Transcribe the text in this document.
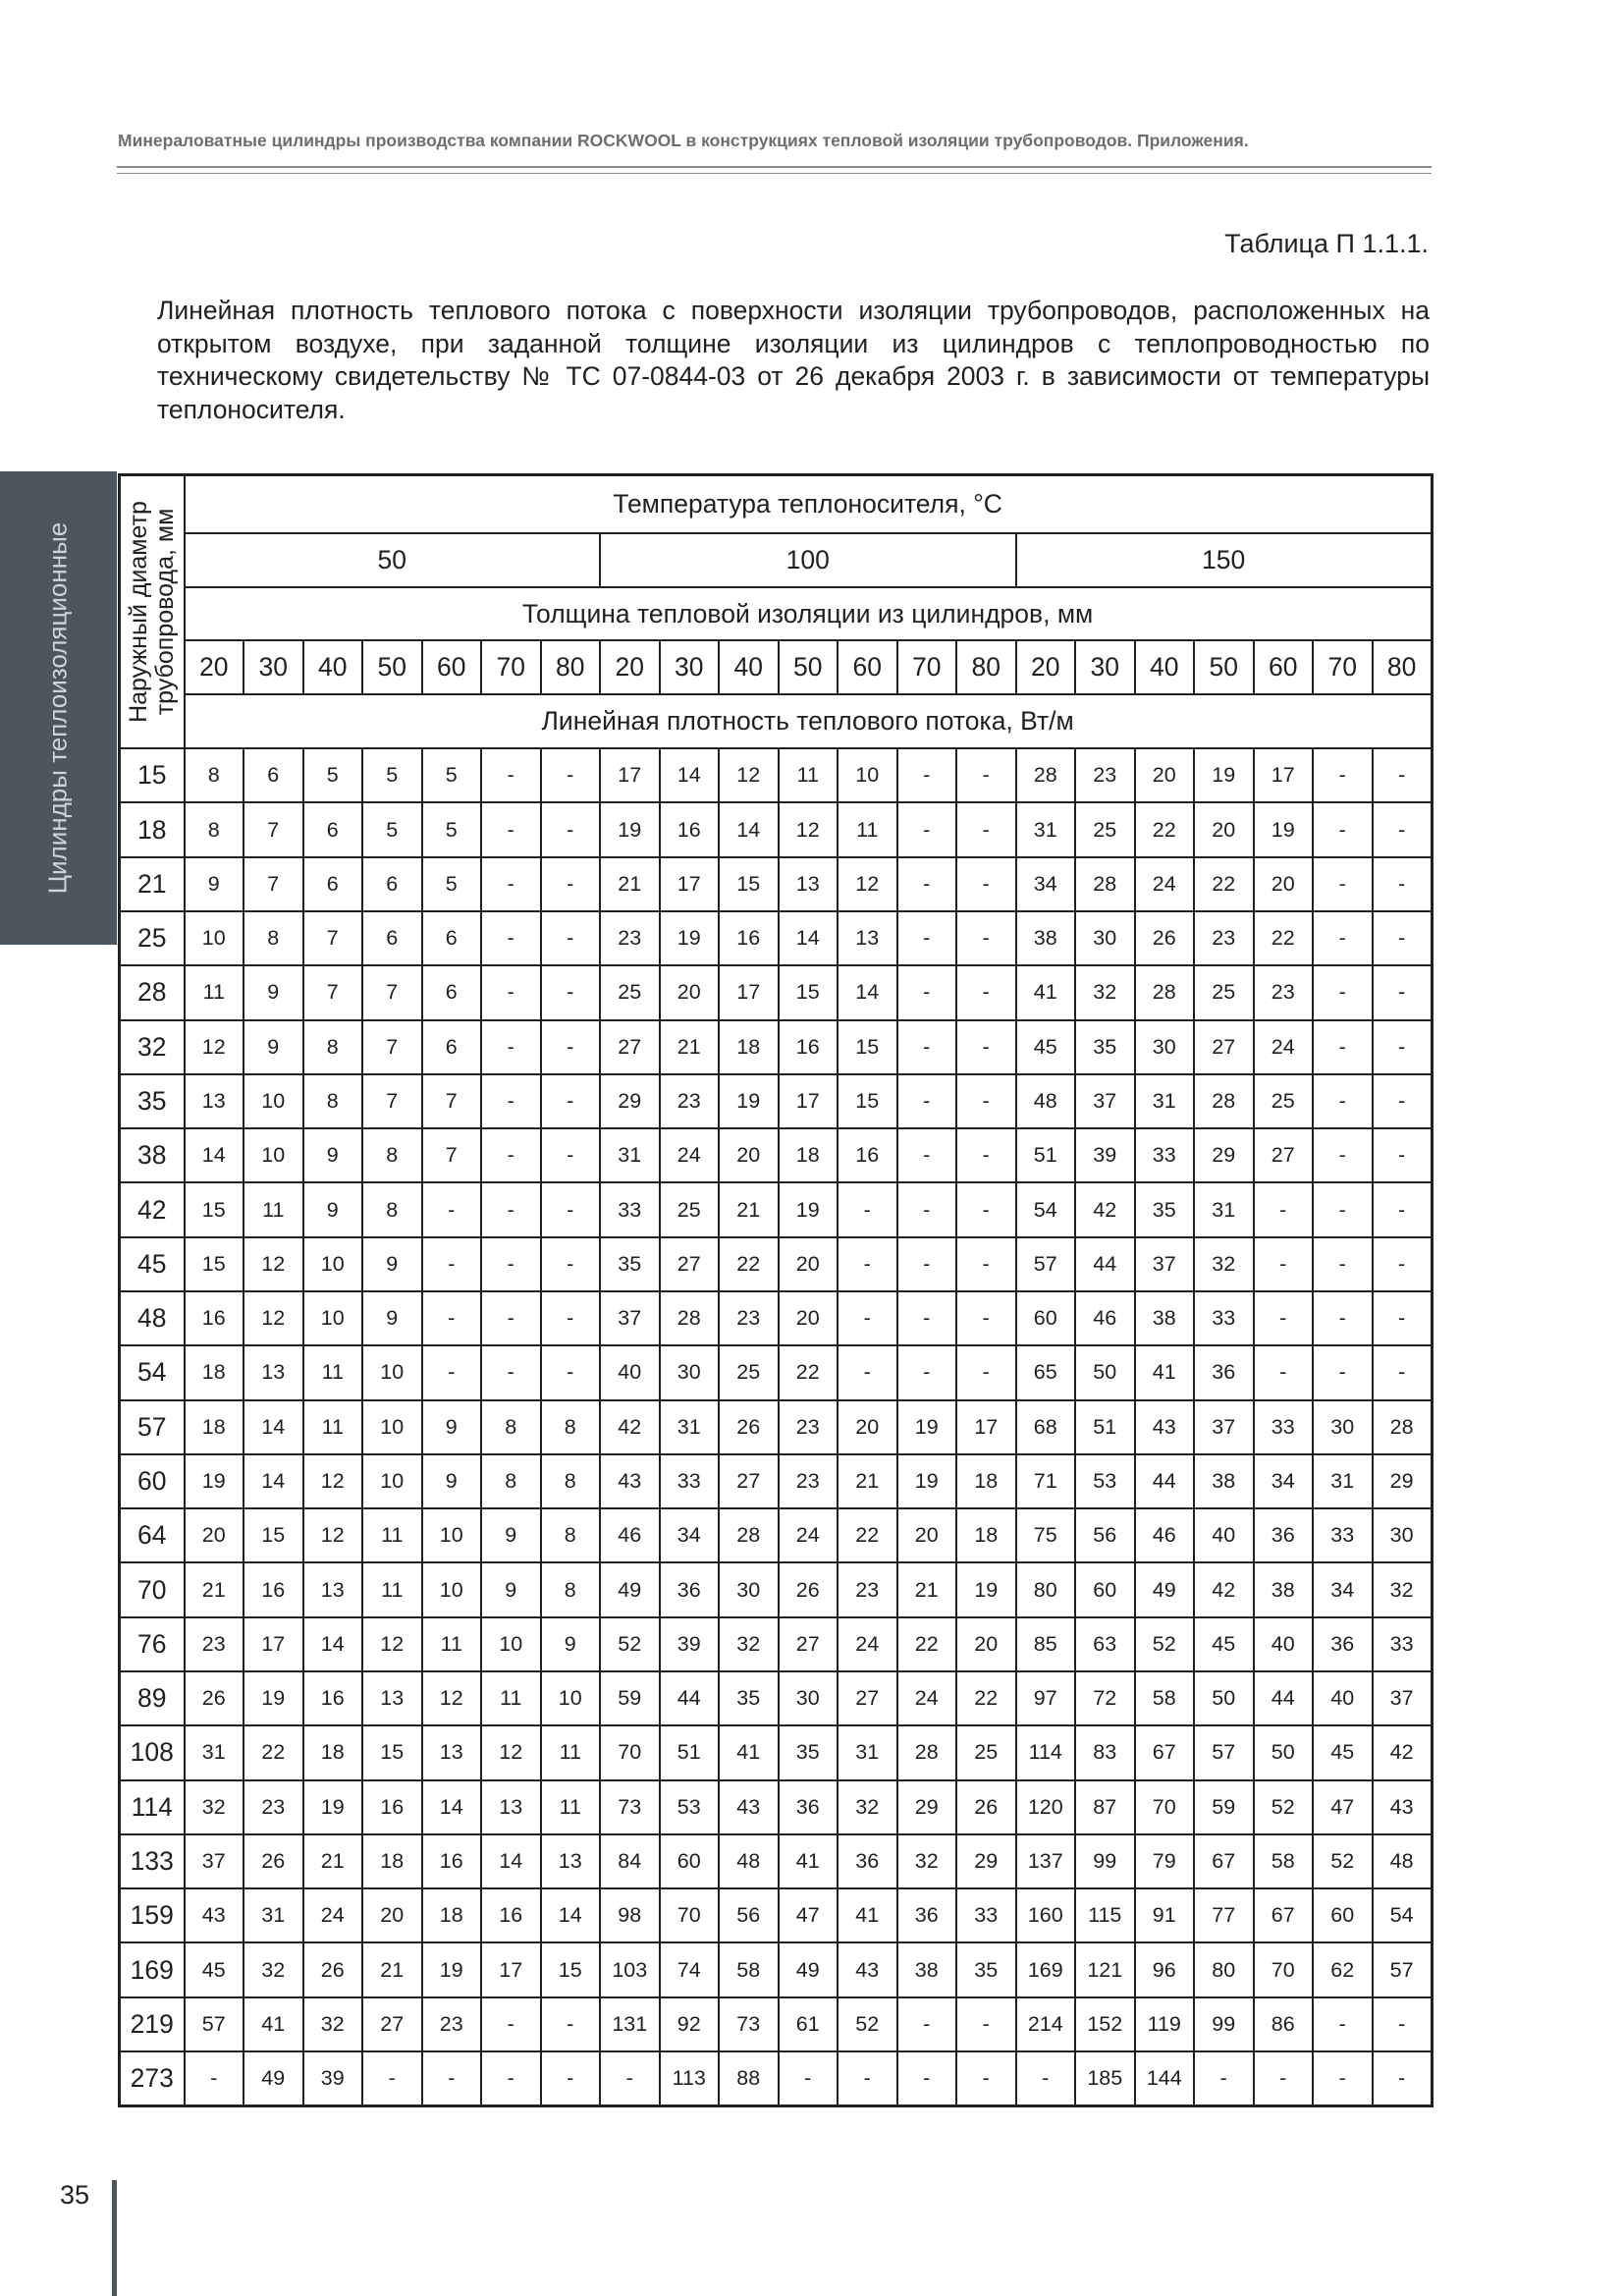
Минераловатные цилиндры производства компании ROCKWOOL в конструкциях тепловой изоляции трубопроводов. Приложения.
Таблица П 1.1.1.
Линейная плотность теплового потока с поверхности изоляции трубопроводов, расположенных на открытом воздухе, при заданной толщине изоляции из цилиндров с теплопроводностью по техническому свидетельству № ТС 07-0844-03 от 26 декабря 2003 г. в зависимости от температуры теплоносителя.
Цилиндры теплоизоляционные Наружный диаметр
трубопровода, мм	Температура теплоносителя, °С																				
	50							100							150						
	Толщина тепловой изоляции из цилиндров, мм																				
	20	30	40	50	60	70	80	20	30	40	50	60	70	80	20	30	40	50	60	70	80
	Линейная плотность теплового потока, Вт/м																				
15	8	6	5	5	5	-	-	17	14	12	11	10	-	-	28	23	20	19	17	-	-
18	8	7	6	5	5	-	-	19	16	14	12	11	-	-	31	25	22	20	19	-	-
21	9	7	6	6	5	-	-	21	17	15	13	12	-	-	34	28	24	22	20	-	-
25	10	8	7	6	6	-	-	23	19	16	14	13	-	-	38	30	26	23	22	-	-
28	11	9	7	7	6	-	-	25	20	17	15	14	-	-	41	32	28	25	23	-	-
32	12	9	8	7	6	-	-	27	21	18	16	15	-	-	45	35	30	27	24	-	-
35	13	10	8	7	7	-	-	29	23	19	17	15	-	-	48	37	31	28	25	-	-
38	14	10	9	8	7	-	-	31	24	20	18	16	-	-	51	39	33	29	27	-	-
42	15	11	9	8	-	-	-	33	25	21	19	-	-	-	54	42	35	31	-	-	-
45	15	12	10	9	-	-	-	35	27	22	20	-	-	-	57	44	37	32	-	-	-
48	16	12	10	9	-	-	-	37	28	23	20	-	-	-	60	46	38	33	-	-	-
54	18	13	11	10	-	-	-	40	30	25	22	-	-	-	65	50	41	36	-	-	-
57	18	14	11	10	9	8	8	42	31	26	23	20	19	17	68	51	43	37	33	30	28
60	19	14	12	10	9	8	8	43	33	27	23	21	19	18	71	53	44	38	34	31	29
64	20	15	12	11	10	9	8	46	34	28	24	22	20	18	75	56	46	40	36	33	30
70	21	16	13	11	10	9	8	49	36	30	26	23	21	19	80	60	49	42	38	34	32
76	23	17	14	12	11	10	9	52	39	32	27	24	22	20	85	63	52	45	40	36	33
89	26	19	16	13	12	11	10	59	44	35	30	27	24	22	97	72	58	50	44	40	37
108	31	22	18	15	13	12	11	70	51	41	35	31	28	25	114	83	67	57	50	45	42
114	32	23	19	16	14	13	11	73	53	43	36	32	29	26	120	87	70	59	52	47	43
133	37	26	21	18	16	14	13	84	60	48	41	36	32	29	137	99	79	67	58	52	48
159	43	31	24	20	18	16	14	98	70	56	47	41	36	33	160	115	91	77	67	60	54
169	45	32	26	21	19	17	15	103	74	58	49	43	38	35	169	121	96	80	70	62	57
219	57	41	32	27	23	-	-	131	92	73	61	52	-	-	214	152	119	99	86	-	-
273	-	49	39	-	-	-	-	-	113	88	-	-	-	-	-	185	144	-	-	-	-
35
